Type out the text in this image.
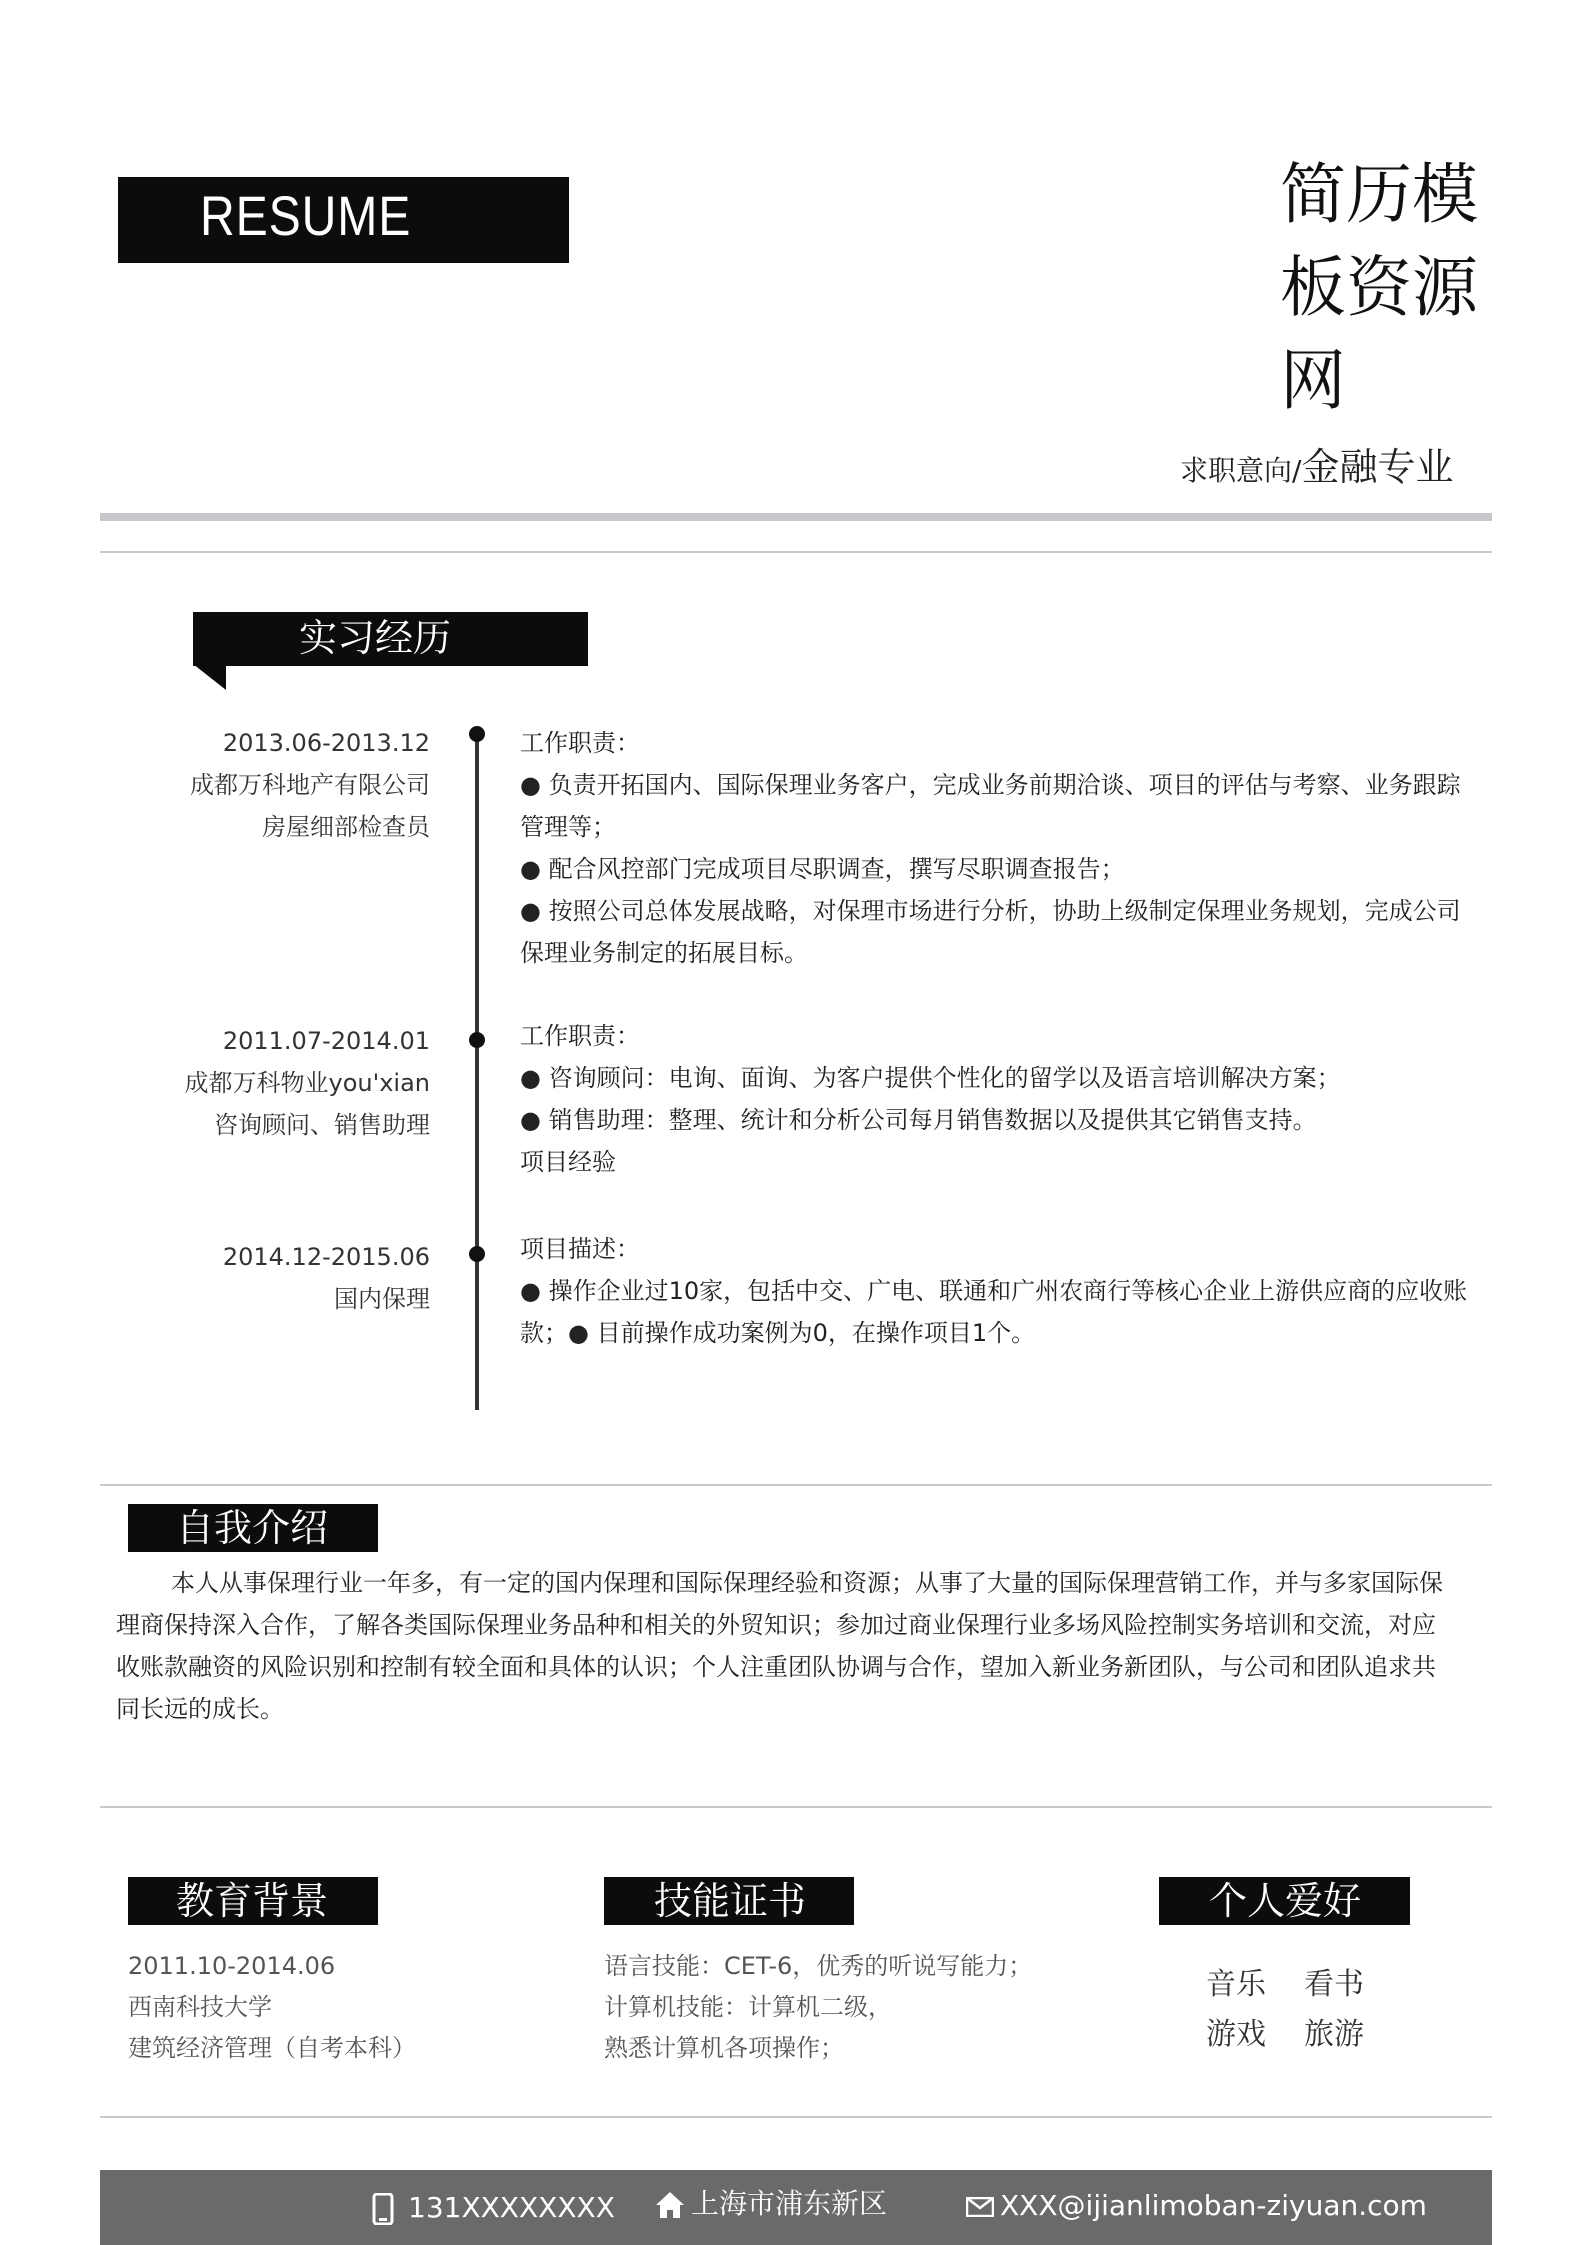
RESUME	简历模板资源网
求职意向/金融专业
实习经历
2013.06-2013.12
成都万科地产有限公司
房屋细部检查员
工作职责：
● 负责开拓国内、国际保理业务客户，完成业务前期洽谈、项目的评估与考察、业务跟踪管理等；
● 配合风控部门完成项目尽职调查，撰写尽职调查报告；
● 按照公司总体发展战略，对保理市场进行分析，协助上级制定保理业务规划，完成公司保理业务制定的拓展目标。
2011.07-2014.01
成都万科物业you'xian
咨询顾问、销售助理
工作职责：
● 咨询顾问：电询、面询、为客户提供个性化的留学以及语言培训解决方案；
● 销售助理：整理、统计和分析公司每月销售数据以及提供其它销售支持。
项目经验
2014.12-2015.06
国内保理
项目描述：
● 操作企业过10家，包括中交、广电、联通和广州农商行等核心企业上游供应商的应收账款；● 目前操作成功案例为0，在操作项目1个。
自我介绍
本人从事保理行业一年多，有一定的国内保理和国际保理经验和资源；从事了大量的国际保理营销工作，并与多家国际保理商保持深入合作，了解各类国际保理业务品种和相关的外贸知识；参加过商业保理行业多场风险控制实务培训和交流，对应收账款融资的风险识别和控制有较全面和具体的认识；个人注重团队协调与合作，望加入新业务新团队，与公司和团队追求共同长远的成长。
教育背景
2011.10-2014.06
西南科技大学
建筑经济管理（自考本科）
技能证书
语言技能：CET-6，优秀的听说写能力；
计算机技能：计算机二级，
熟悉计算机各项操作；
个人爱好
音乐 看书
游戏 旅游
131XXXXXXXX	上海市浦东新区	XXX@ijianlimoban-ziyuan.com
